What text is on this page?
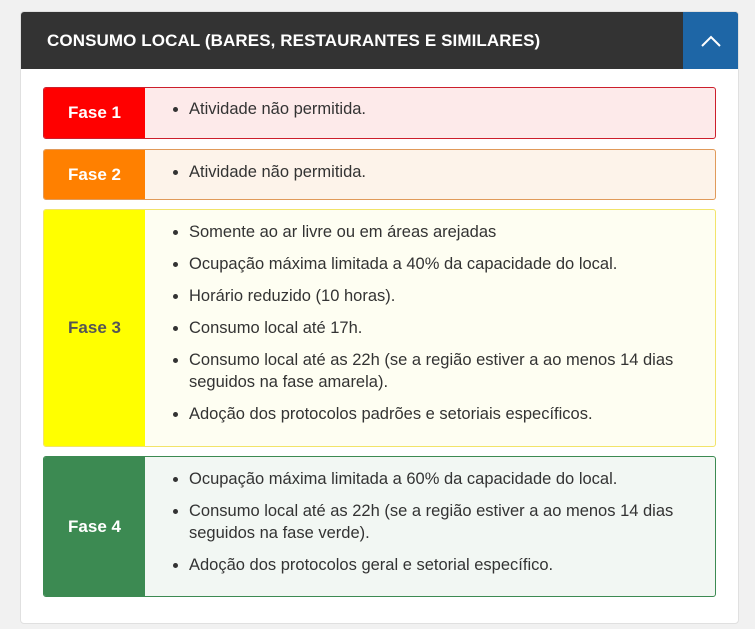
CONSUMO LOCAL (BARES, RESTAURANTES E SIMILARES)
Fase 1	• Atividade não permitida.
Fase 2	• Atividade não permitida.
Fase 3
• Somente ao ar livre ou em áreas arejadas
• Ocupação máxima limitada a 40% da capacidade do local.
• Horário reduzido (10 horas).
• Consumo local até 17h.
• Consumo local até as 22h (se a região estiver a ao menos 14 dias seguidos na fase amarela).
• Adoção dos protocolos padrões e setoriais específicos.
Fase 4
• Ocupação máxima limitada a 60% da capacidade do local.
• Consumo local até as 22h (se a região estiver a ao menos 14 dias seguidos na fase verde).
• Adoção dos protocolos geral e setorial específico.
